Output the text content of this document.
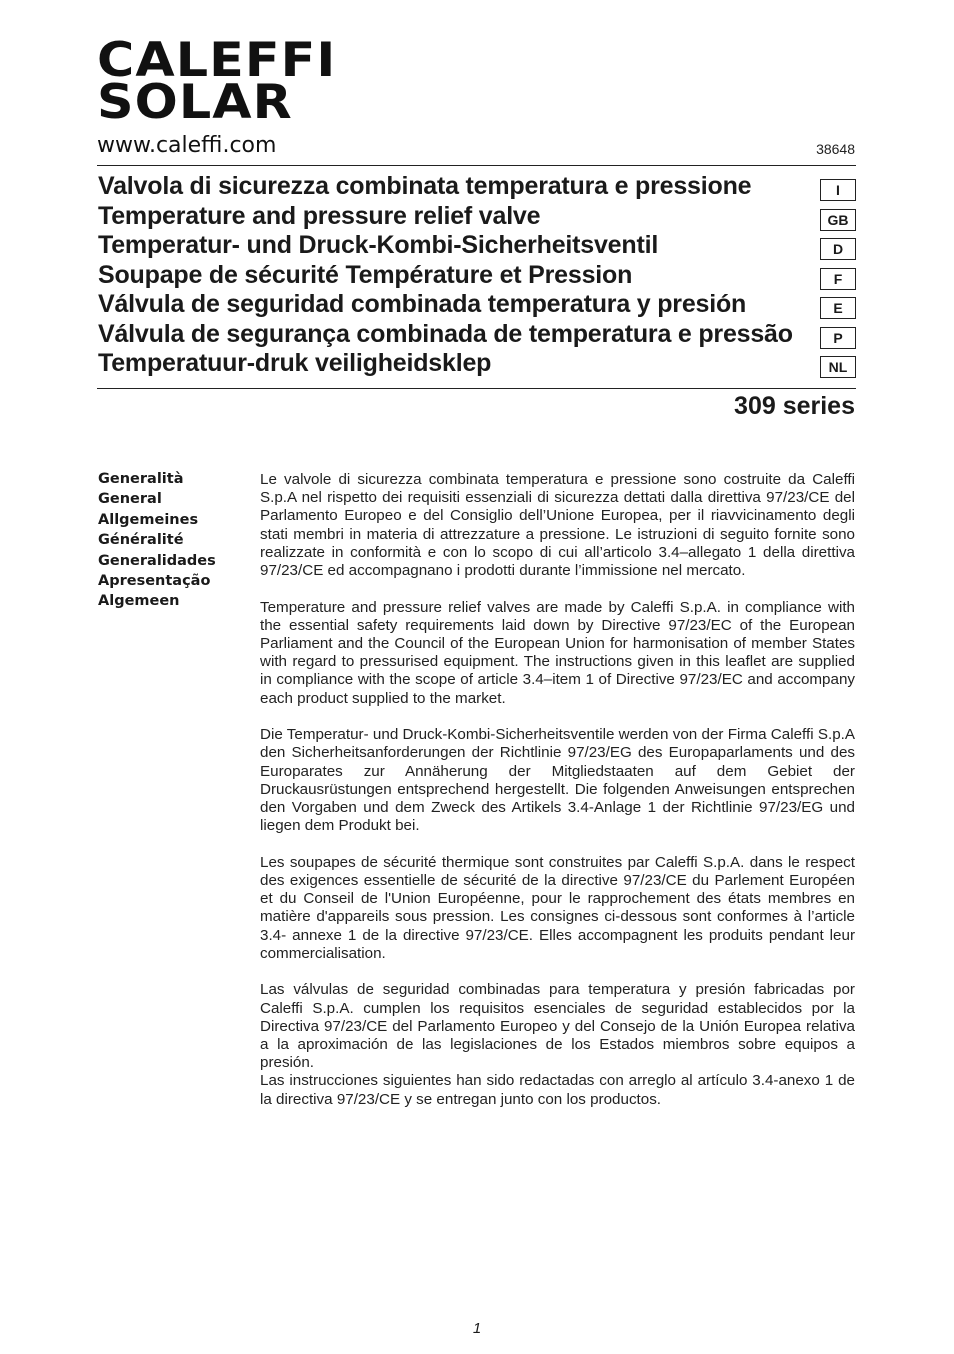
CALEFFI
SOLAR
www.caleffi.com	38648
Valvola di sicurezza combinata temperatura e pressione	I
Temperature and pressure relief valve	GB
Temperatur- und Druck-Kombi-Sicherheitsventil	D
Soupape de sécurité Température et Pression	F
Válvula de seguridad combinada temperatura y presión	E
Válvula de segurança combinada de temperatura e pressão	P
Temperatuur-druk veiligheidsklep	NL
309 series
Generalità
General
Allgemeines
Généralité
Generalidades
Apresentação
Algemeen

Le valvole di sicurezza combinata temperatura e pressione sono costruite da Caleffi S.p.A nel rispetto dei requisiti essenziali di sicurezza dettati dalla direttiva 97/23/CE del Parlamento Europeo e del Consiglio dell’Unione Europea, per il riavvicinamento degli stati membri in materia di attrezzature a pressione. Le istruzioni di seguito fornite sono realizzate in conformità e con lo scopo di cui all’articolo 3.4–allegato 1 della direttiva 97/23/CE ed accompagnano i prodotti durante l’immissione nel mercato.

Temperature and pressure relief valves are made by Caleffi S.p.A. in compliance with the essential safety requirements laid down by Directive 97/23/EC of the European Parliament and the Council of the European Union for harmonisation of member States with regard to pressurised equipment. The instructions given in this leaflet are supplied in compliance with the scope of article 3.4–item 1 of Directive 97/23/EC and accompany each product supplied to the market.

Die Temperatur- und Druck-Kombi-Sicherheitsventile werden von der Firma Caleffi S.p.A den Sicherheitsanforderungen der Richtlinie 97/23/EG des Europaparlaments und des Europarates zur Annäherung der Mitgliedstaaten auf dem Gebiet der Druckausrüstungen entsprechend hergestellt. Die folgenden Anweisungen entsprechen den Vorgaben und dem Zweck des Artikels 3.4-Anlage 1 der Richtlinie 97/23/EG und liegen dem Produkt bei.

Les soupapes de sécurité thermique sont construites par Caleffi S.p.A. dans le respect des exigences essentielle de sécurité de la directive 97/23/CE du Parlement Européen et du Conseil de l'Union Européenne, pour le rapprochement des états membres en matière d'appareils sous pression. Les consignes ci-dessous sont conformes à l’article 3.4- annexe 1 de la directive 97/23/CE. Elles accompagnent les produits pendant leur commercialisation.

Las válvulas de seguridad combinadas para temperatura y presión fabricadas por Caleffi S.p.A. cumplen los requisitos esenciales de seguridad establecidos por la Directiva 97/23/CE del Parlamento Europeo y del Consejo de la Unión Europea relativa a la aproximación de las legislaciones de los Estados miembros sobre equipos a presión.

Las instrucciones siguientes han sido redactadas con arreglo al artículo 3.4-anexo 1 de la directiva 97/23/CE y se entregan junto con los productos.

1
